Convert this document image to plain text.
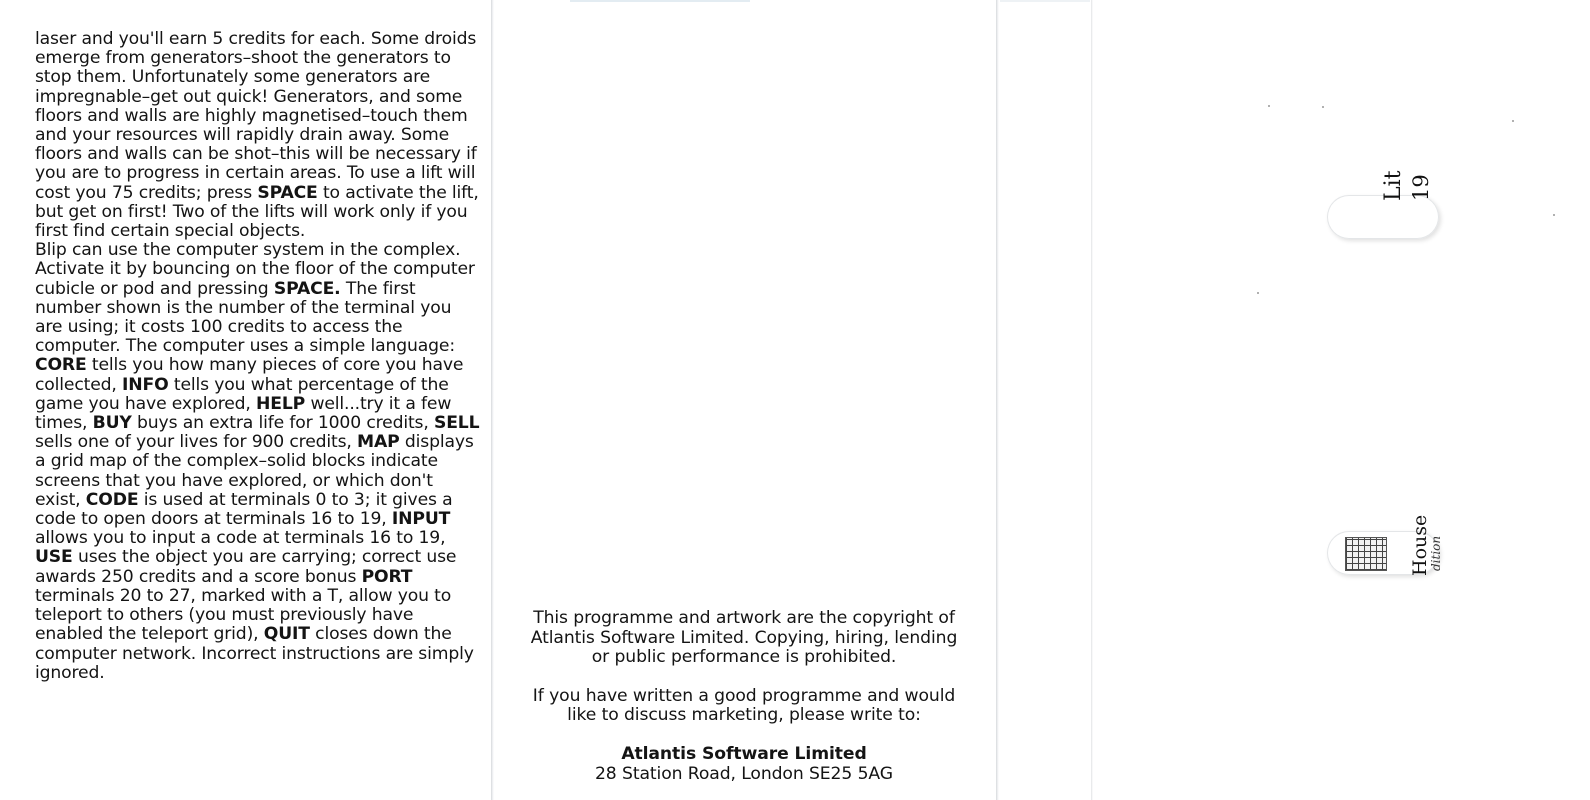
laser and you'll earn 5 credits for each. Some droids emerge from generators–shoot the generators to stop them. Unfortunately some generators are impregnable–get out quick! Generators, and some floors and walls are highly magnetised–touch them and your resources will rapidly drain away. Some floors and walls can be shot–this will be necessary if you are to progress in certain areas. To use a lift will cost you 75 credits; press SPACE to activate the lift, but get on first! Two of the lifts will work only if you first find certain special objects.

Blip can use the computer system in the complex. Activate it by bouncing on the floor of the computer cubicle or pod and pressing SPACE. The first number shown is the number of the terminal you are using; it costs 100 credits to access the computer. The computer uses a simple language: CORE tells you how many pieces of core you have collected, INFO tells you what percentage of the game you have explored, HELP well...try it a few times, BUY buys an extra life for 1000 credits, SELL sells one of your lives for 900 credits, MAP displays a grid map of the complex–solid blocks indicate screens that you have explored, or which don't exist, CODE is used at terminals 0 to 3; it gives a code to open doors at terminals 16 to 19, INPUT allows you to input a code at terminals 16 to 19, USE uses the object you are carrying; correct use awards 250 credits and a score bonus PORT terminals 20 to 27, marked with a T, allow you to teleport to others (you must previously have enabled the teleport grid), QUIT closes down the computer network. Incorrect instructions are simply ignored.

This programme and artwork are the copyright of

Atlantis Software Limited. Copying, hiring, lending

or public performance is prohibited.

If you have written a good programme and would

like to discuss marketing, please write to:

Atlantis Software Limited

28 Station Road, London SE25 5AG

Lit 19
House
dition
